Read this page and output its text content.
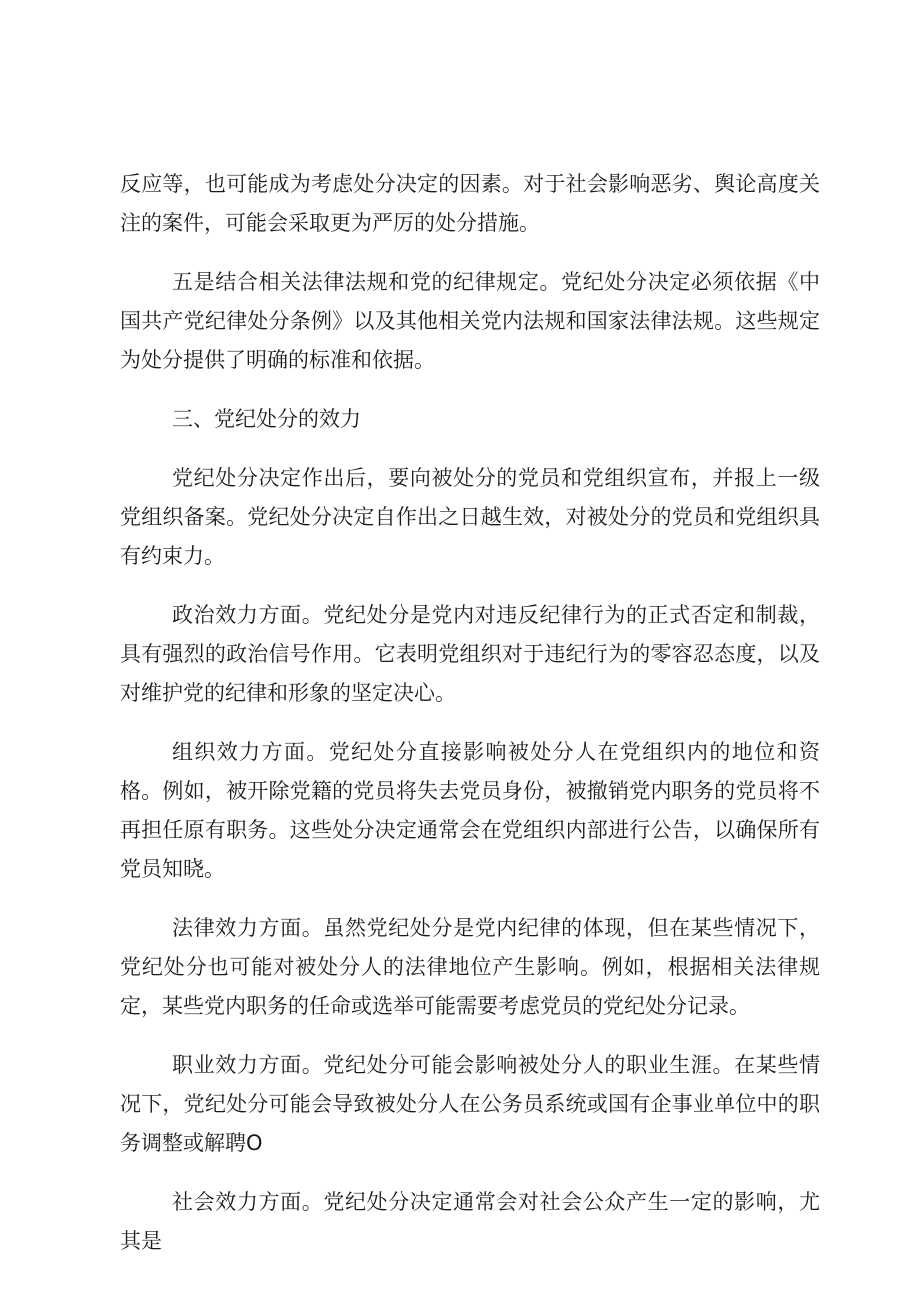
反应等，也可能成为考虑处分决定的因素。对于社会影响恶劣、舆论高度关注的案件，可能会采取更为严厉的处分措施。

五是结合相关法律法规和党的纪律规定。党纪处分决定必须依据《中国共产党纪律处分条例》以及其他相关党内法规和国家法律法规。这些规定为处分提供了明确的标准和依据。

三、党纪处分的效力

党纪处分决定作出后，要向被处分的党员和党组织宣布，并报上一级党组织备案。党纪处分决定自作出之日越生效，对被处分的党员和党组织具有约束力。

政治效力方面。党纪处分是党内对违反纪律行为的正式否定和制裁，具有强烈的政治信号作用。它表明党组织对于违纪行为的零容忍态度，以及对维护党的纪律和形象的坚定决心。

组织效力方面。党纪处分直接影响被处分人在党组织内的地位和资格。例如，被开除党籍的党员将失去党员身份，被撤销党内职务的党员将不再担任原有职务。这些处分决定通常会在党组织内部进行公告，以确保所有党员知晓。

法律效力方面。虽然党纪处分是党内纪律的体现，但在某些情况下，党纪处分也可能对被处分人的法律地位产生影响。例如，根据相关法律规定，某些党内职务的任命或选举可能需要考虑党员的党纪处分记录。

职业效力方面。党纪处分可能会影响被处分人的职业生涯。在某些情况下，党纪处分可能会导致被处分人在公务员系统或国有企事业单位中的职务调整或解聘O

社会效力方面。党纪处分决定通常会对社会公众产生一定的影响，尤其是
